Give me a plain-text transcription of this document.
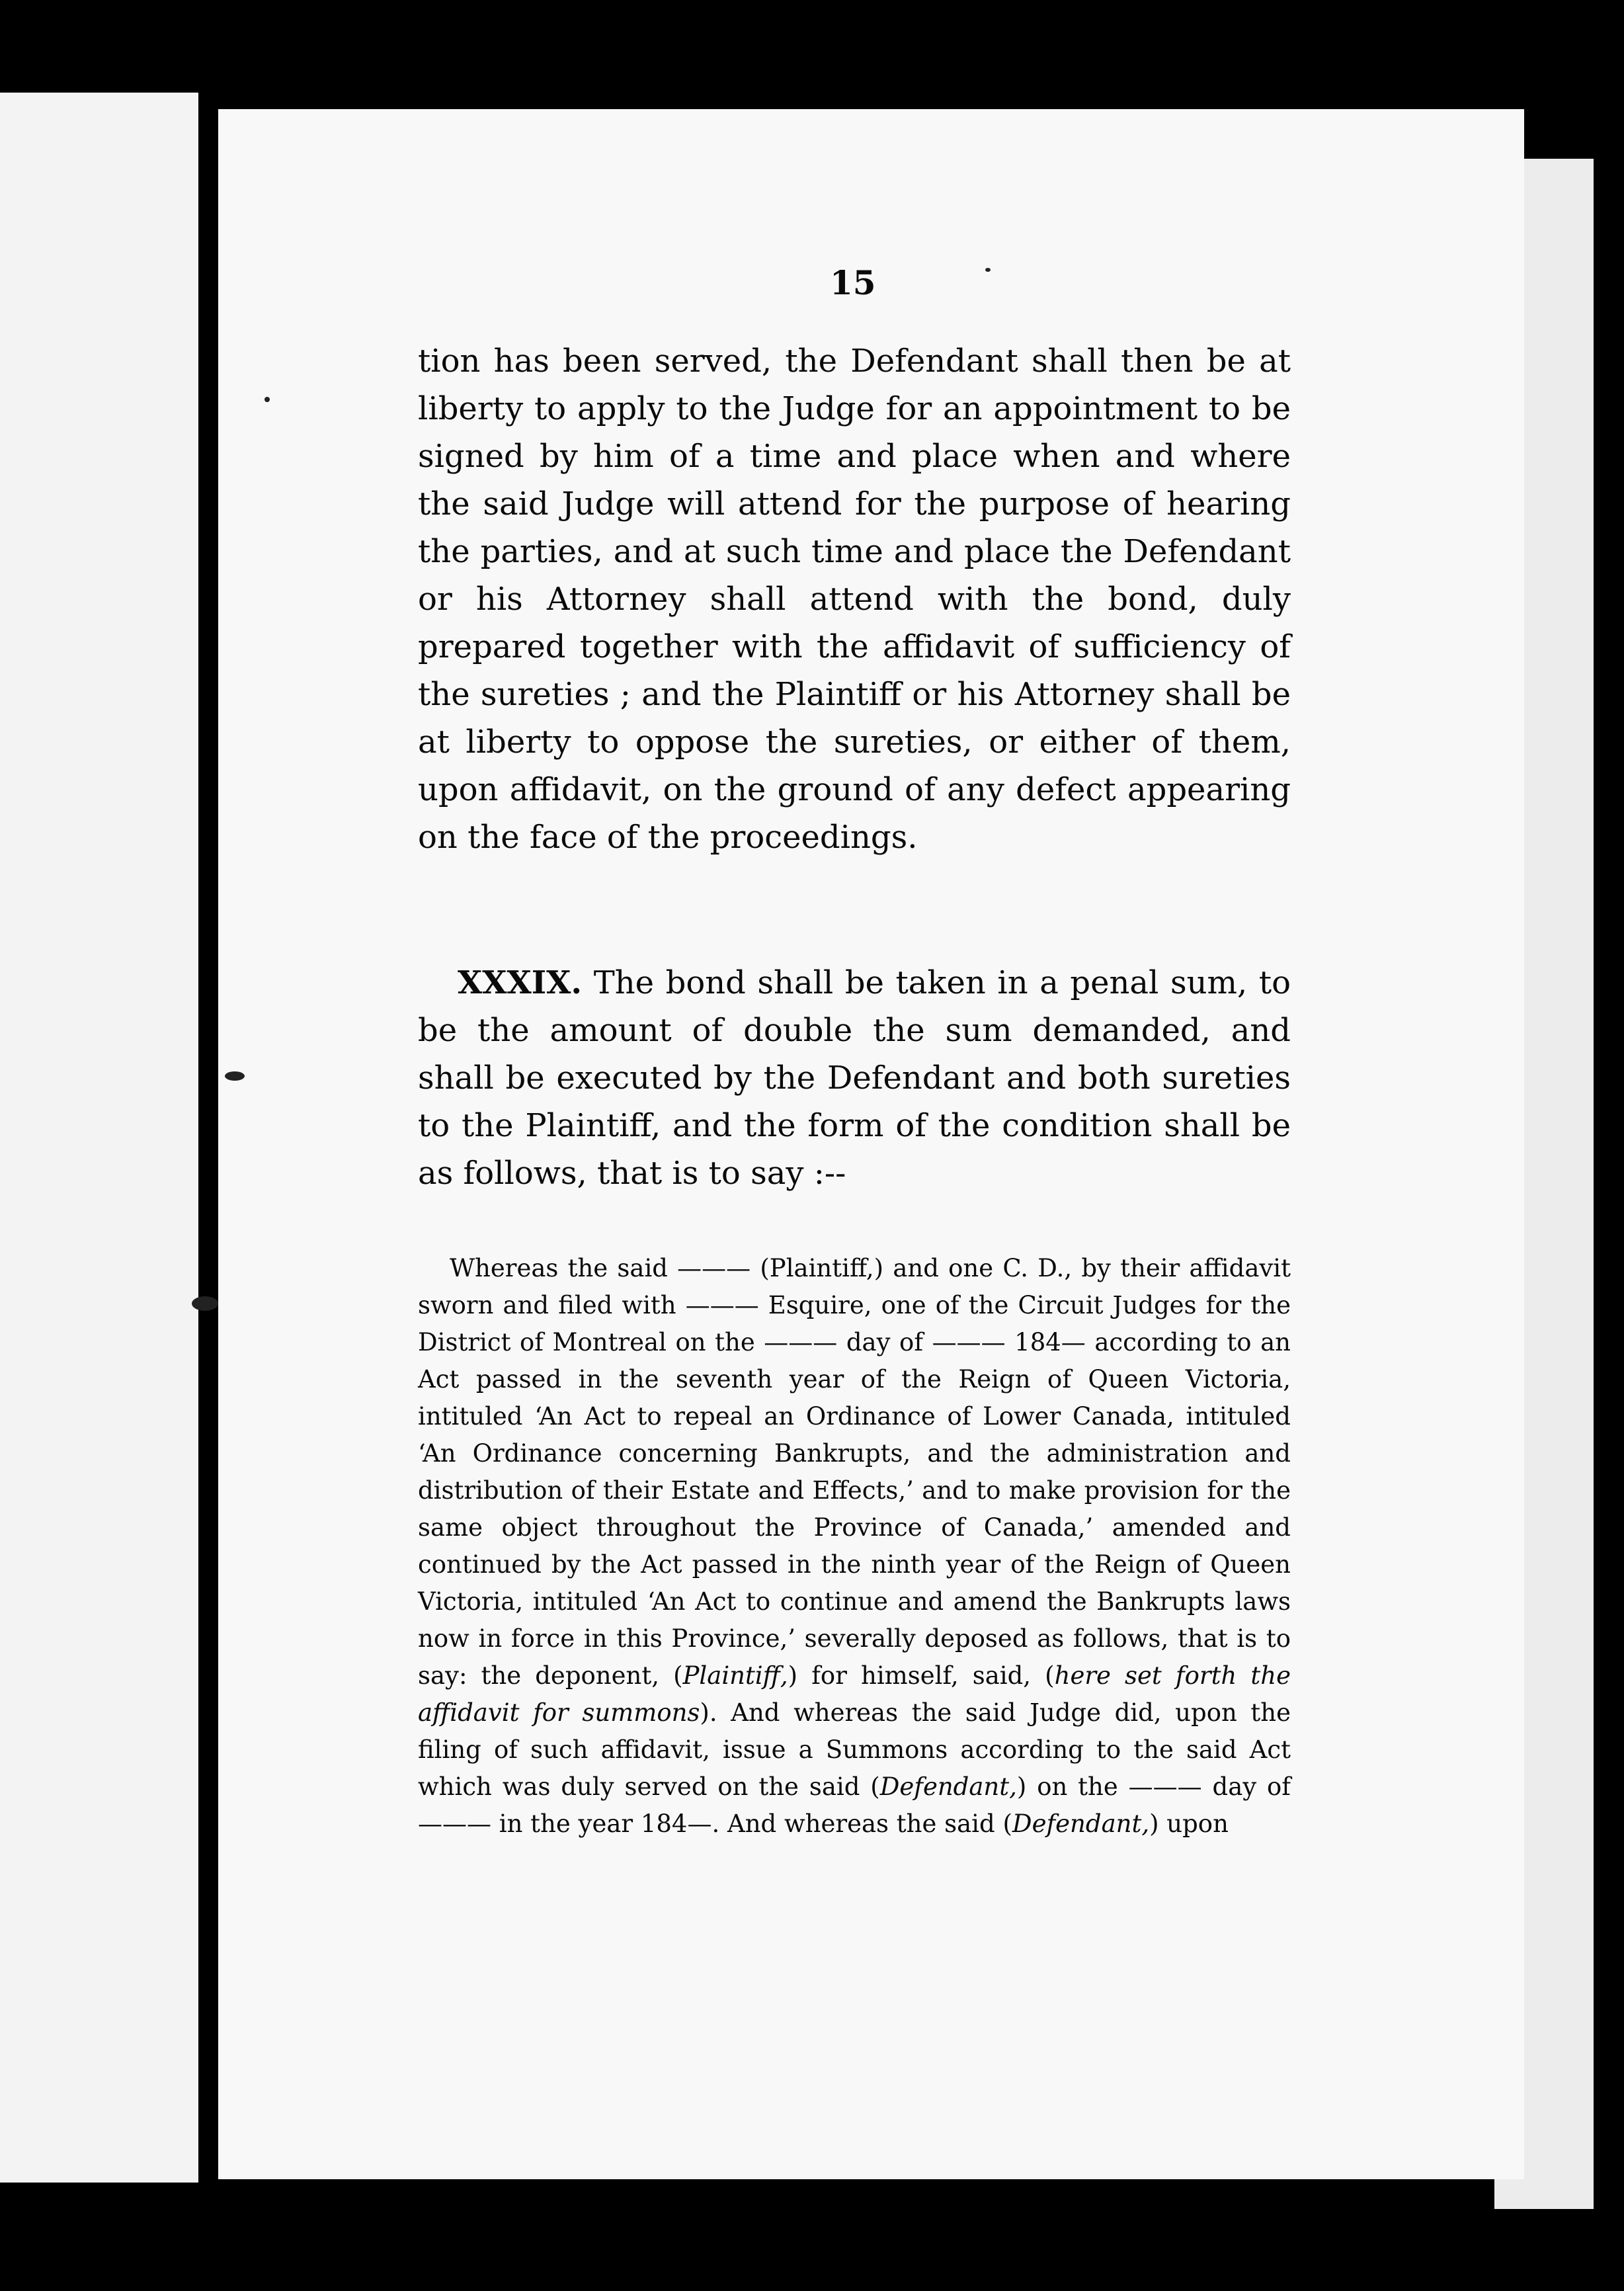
15

tion has been served, the Defendant shall then be at liberty to apply to the Judge for an appointment to be signed by him of a time and place when and where the said Judge will attend for the purpose of hearing the parties, and at such time and place the Defendant or his Attorney shall attend with the bond, duly prepared together with the affidavit of sufficiency of the sureties ; and the Plaintiff or his Attorney shall be at liberty to oppose the sureties, or either of them, upon affidavit, on the ground of any defect appearing on the face of the proceedings.

XXXIX. The bond shall be taken in a penal sum, to be the amount of double the sum demanded, and shall be executed by the Defendant and both sureties to the Plaintiff, and the form of the condition shall be as follows, that is to say :--

Whereas the said ——— (Plaintiff,) and one C. D., by their affidavit sworn and filed with ——— Esquire, one of the Circuit Judges for the District of Montreal on the ——— day of ——— 184— according to an Act passed in the seventh year of the Reign of Queen Victoria, intituled ‘An Act to repeal an Ordinance of Lower Canada, intituled ‘An Ordinance concerning Bankrupts, and the administration and distribution of their Estate and Effects,’ and to make provision for the same object throughout the Province of Canada,’ amended and continued by the Act passed in the ninth year of the Reign of Queen Victoria, intituled ‘An Act to continue and amend the Bankrupts laws now in force in this Province,’ severally deposed as follows, that is to say: the deponent, (Plaintiff,) for himself, said, (here set forth the affidavit for summons). And whereas the said Judge did, upon the filing of such affidavit, issue a Summons according to the said Act which was duly served on the said (Defendant,) on the ——— day of ——— in the year 184—. And whereas the said (Defendant,) upon
